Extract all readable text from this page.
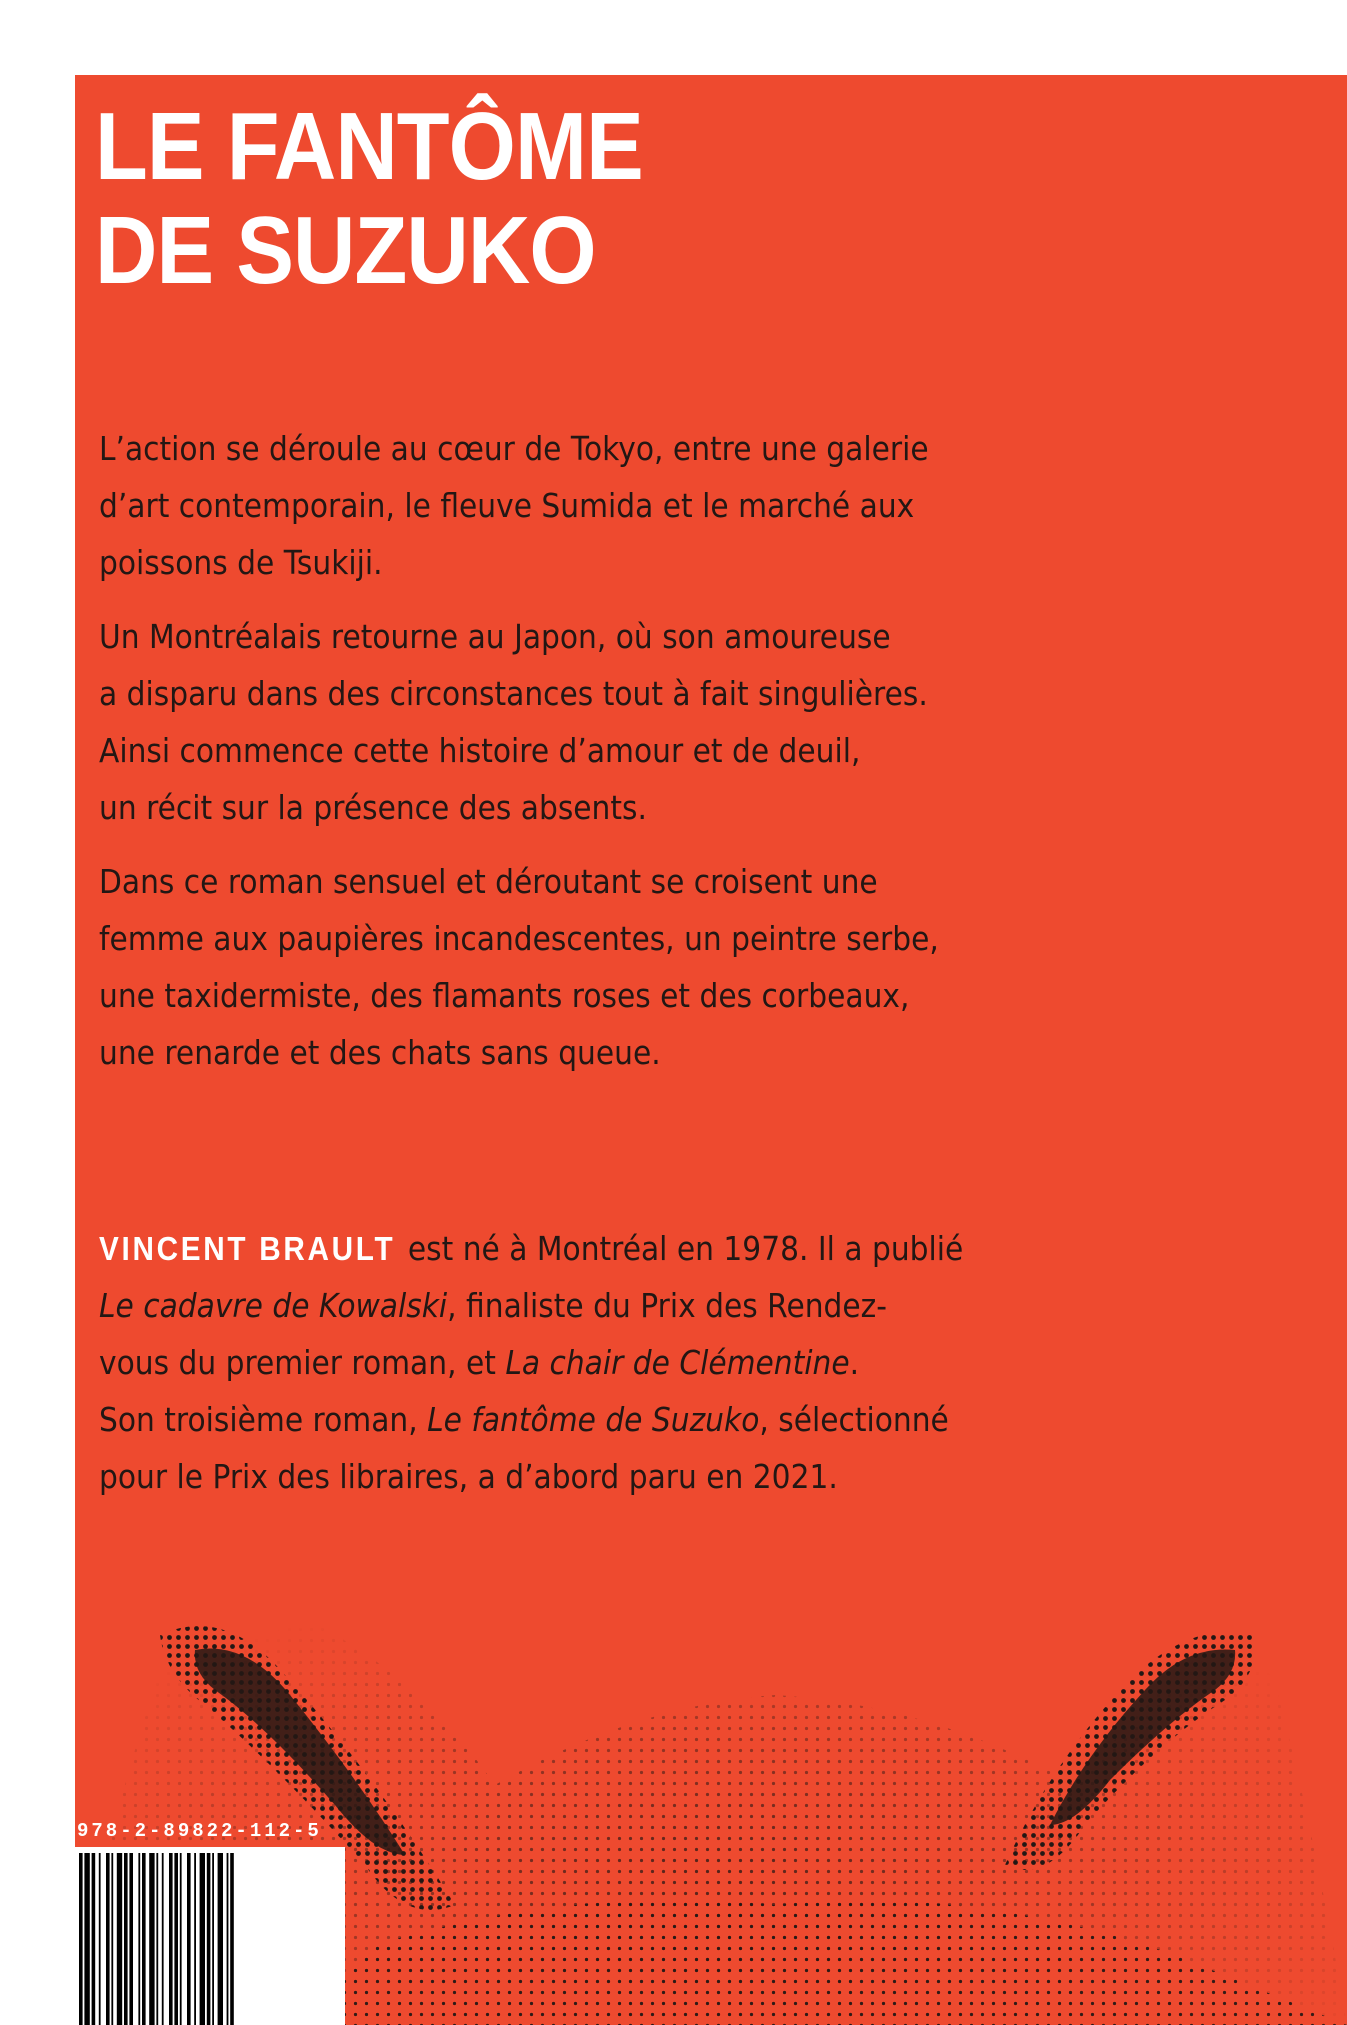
LE FANTÔME
DE SUZUKO

L’action se déroule au cœur de Tokyo, entre une galerie
d’art contemporain, le fleuve Sumida et le marché aux
poissons de Tsukiji.

Un Montréalais retourne au Japon, où son amoureuse
a disparu dans des circonstances tout à fait singulières.
Ainsi commence cette histoire d’amour et de deuil,
un récit sur la présence des absents.

Dans ce roman sensuel et déroutant se croisent une
femme aux paupières incandescentes, un peintre serbe,
une taxidermiste, des flamants roses et des corbeaux,
une renarde et des chats sans queue.

VINCENT BRAULT est né à Montréal en 1978. Il a publié
Le cadavre de Kowalski, finaliste du Prix des Rendez-
vous du premier roman, et La chair de Clémentine.
Son troisième roman, Le fantôme de Suzuko, sélectionné
pour le Prix des libraires, a d’abord paru en 2021.
978-2-89822-112-5
